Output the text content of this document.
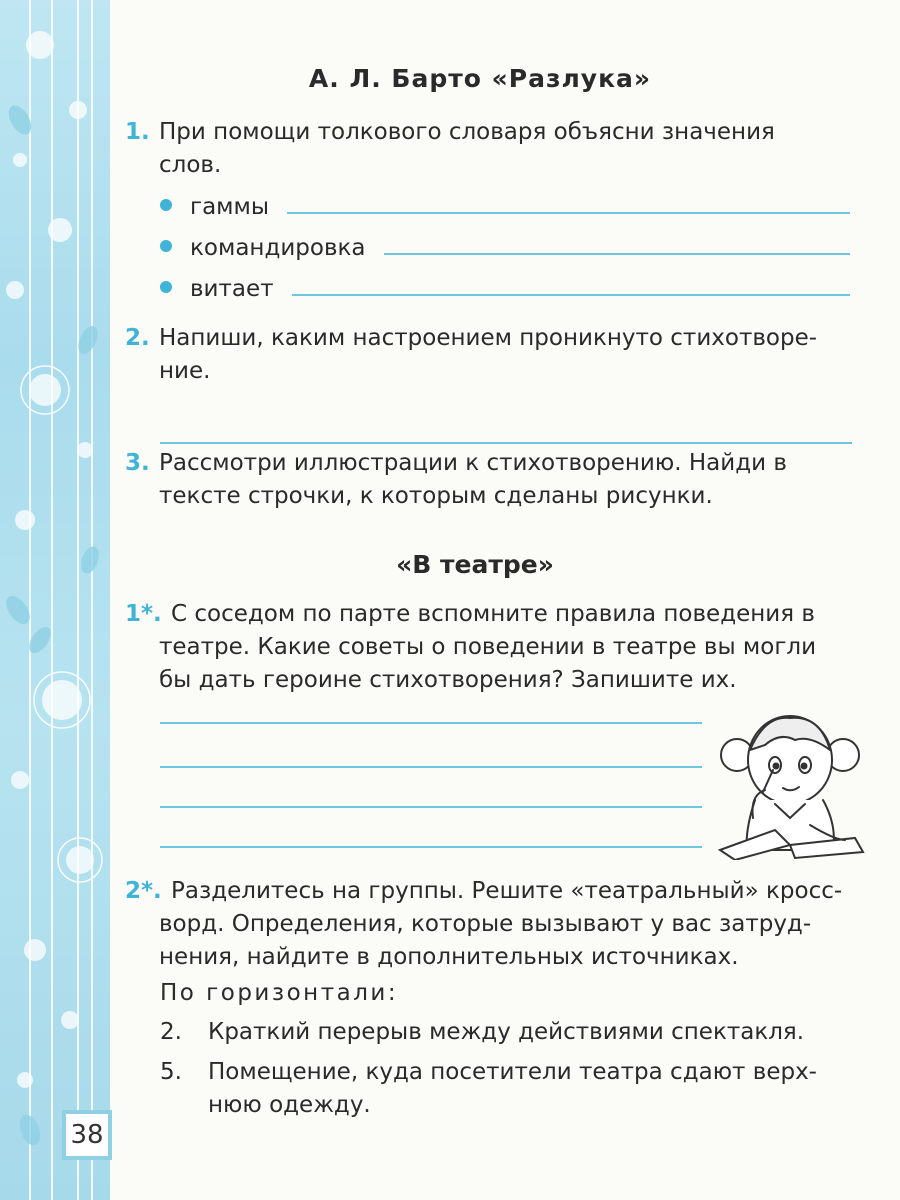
38
А. Л. Барто «Разлука»
1. При помощи толкового словаря объясни значения
слов.
гаммы
командировка
витает
2. Напиши, каким настроением проникнуто стихотворе-
ние.
3. Рассмотри иллюстрации к стихотворению. Найди в
тексте строчки, к которым сделаны рисунки.
«В театре»
1*. С соседом по парте вспомните правила поведения в
театре. Какие советы о поведении в театре вы могли
бы дать героине стихотворения? Запишите их.
2*. Разделитесь на группы. Решите «театральный» кросс-
ворд. Определения, которые вызывают у вас затруд-
нения, найдите в дополнительных источниках.
По горизонтали:
2. Краткий перерыв между действиями спектакля.
5. Помещение, куда посетители театра сдают верх-
нюю одежду.
